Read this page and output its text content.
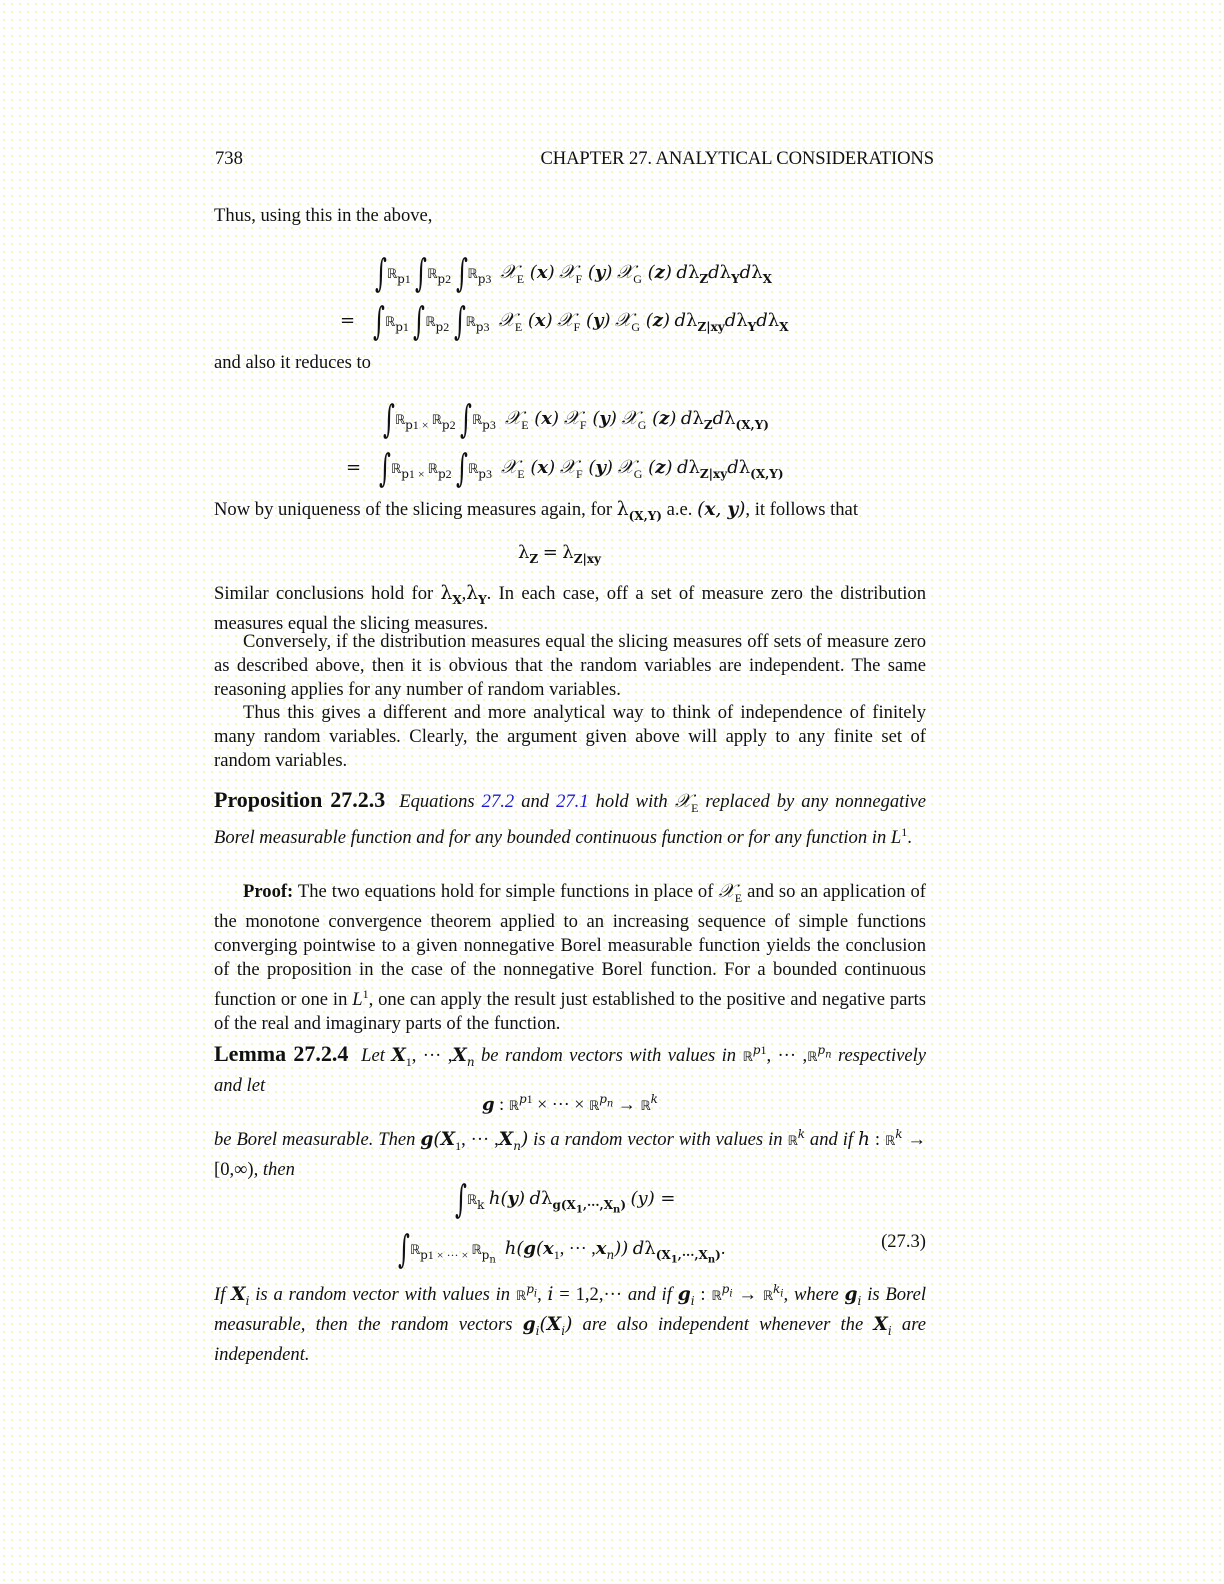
738	CHAPTER 27. ANALYTICAL CONSIDERATIONS
Thus, using this in the above,
∫ℝ$_{p1}$ ∫ℝ$_{p2}$ ∫ℝ$_{p3}$ 𝒳$_E$ (x) 𝒳$_F$ (y) 𝒳$_G$ (z) $d\lambda_Zd\lambda_Yd\lambda_X$
= ∫ℝ$_{p1}$ ∫ℝ$_{p2}$ ∫ℝ$_{p3}$ 𝒳$_E$ (x) 𝒳$_F$ (y) 𝒳$_G$ (z) $d\lambda_{Z|xy}d\lambda_Yd\lambda_X$
and also it reduces to
∫ℝ$_{p1}$ $_\times$ ℝ$_{p2}$ ∫ℝ$_{p3}$ 𝒳$_E$ (x) 𝒳$_F$ (y) 𝒳$_G$ (z) $d\lambda_Zd\lambda_{(X,Y)}$
= ∫ℝ$_{p1}$ $_\times$ ℝ$_{p2}$ ∫ℝ$_{p3}$ 𝒳$_E$ (x) 𝒳$_F$ (y) 𝒳$_G$ (z) $d\lambda_{Z|xy}d\lambda_{(X,Y)}$
Now by uniqueness of the slicing measures again, for $\lambda_{(X,Y)}$ a.e. (x, y), it follows that
$\lambda_Z = \lambda_{Z|xy}$
Similar conclusions hold for $\lambda_X,\lambda_Y$. In each case, off a set of measure zero the distribution measures equal the slicing measures.
Conversely, if the distribution measures equal the slicing measures off sets of measure zero as described above, then it is obvious that the random variables are independent. The same reasoning applies for any number of random variables.
Thus this gives a different and more analytical way to think of independence of finitely many random variables. Clearly, the argument given above will apply to any finite set of random variables.
Proposition 27.2.3 Equations 27.2 and 27.1 hold with 𝒳$_E$ replaced by any nonnegative Borel measurable function and for any bounded continuous function or for any function in $L^1$.
Proof: The two equations hold for simple functions in place of 𝒳$_E$ and so an application of the monotone convergence theorem applied to an increasing sequence of simple functions converging pointwise to a given nonnegative Borel measurable function yields the conclusion of the proposition in the case of the nonnegative Borel function. For a bounded continuous function or one in $L^1$, one can apply the result just established to the positive and negative parts of the real and imaginary parts of the function.
Lemma 27.2.4 Let $X_1$, ··· $,X_n$ be random vectors with values in ℝ$^{p1}$, ··· ,ℝ$^{p_n}$ respectively and let
g : ℝ$^{p1}$ × ··· × ℝ$^{p_n}$ → ℝ$^k$
be Borel measurable. Then $g(X_1$, ··· $,X_n$) is a random vector with values in ℝ$^k$ and if h : ℝ$^k$ → [0,∞), then
∫ℝ$_k$ h(y) $d\lambda_{g(X_1,\cdot\cdot\cdot,X_n)}$ (y) =
∫ℝ$_{p1 \times \cdot\cdot\cdot \times}$ ℝ$_{p_n}$  $h(g(x_1$, ··· $,x_n$)) $d\lambda_{(X_1,\cdot\cdot\cdot,X_n)}$.	(27.3)
If $X_i$ is a random vector with values in ℝ$^{p_i}$, i = 1,2,··· and if $g_i$ : ℝ$^{p_i}$ → ℝ$^{k_i}$, where $g_i$ is Borel measurable, then the random vectors $g_i(X_i)$ are also independent whenever the $X_i$ are independent.
